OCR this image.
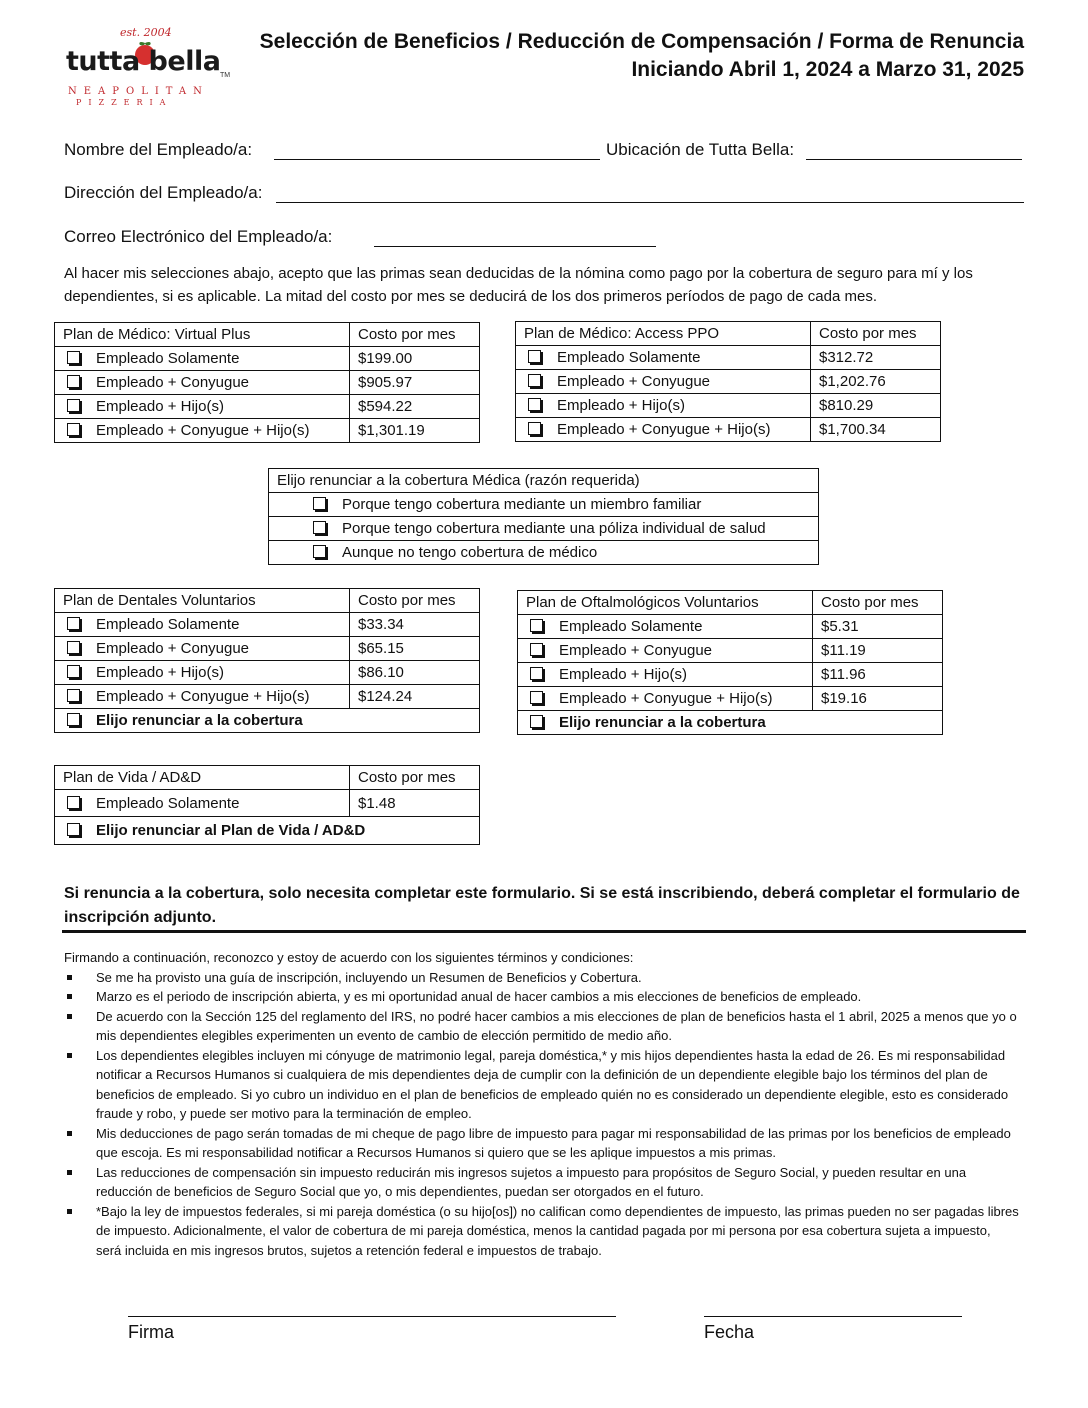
est. 2004
tutta bella TM
NEAPOLITAN
PIZZERIA
Selección de Beneficios / Reducción de Compensación / Forma de Renuncia
Iniciando Abril 1, 2024 a Marzo 31, 2025
Nombre del Empleado/a:	Ubicación de Tutta Bella:
Dirección del Empleado/a:
Correo Electrónico del Empleado/a:
Al hacer mis selecciones abajo, acepto que las primas sean deducidas de la nómina como pago por la cobertura de seguro para mí y los dependientes, si es aplicable. La mitad del costo por mes se deducirá de los dos primeros períodos de pago de cada mes.
Plan de Médico: Virtual Plus	Costo por mes
Empleado Solamente	$199.00
Empleado + Conyugue	$905.97
Empleado + Hijo(s)	$594.22
Empleado + Conyugue + Hijo(s)	$1,301.19
Plan de Médico: Access PPO	Costo por mes
Empleado Solamente	$312.72
Empleado + Conyugue	$1,202.76
Empleado + Hijo(s)	$810.29
Empleado + Conyugue + Hijo(s)	$1,700.34
Elijo renunciar a la cobertura Médica (razón requerida)
Porque tengo cobertura mediante un miembro familiar
Porque tengo cobertura mediante una póliza individual de salud
Aunque no tengo cobertura de médico
Plan de Dentales Voluntarios	Costo por mes
Empleado Solamente	$33.34
Empleado + Conyugue	$65.15
Empleado + Hijo(s)	$86.10
Empleado + Conyugue + Hijo(s)	$124.24
Elijo renunciar a la cobertura	
Plan de Oftalmológicos Voluntarios	Costo por mes
Empleado Solamente	$5.31
Empleado + Conyugue	$11.19
Empleado + Hijo(s)	$11.96
Empleado + Conyugue + Hijo(s)	$19.16
Elijo renunciar a la cobertura	
Plan de Vida / AD&D	Costo por mes
Empleado Solamente	$1.48
Elijo renunciar al Plan de Vida / AD&D	
Si renuncia a la cobertura, solo necesita completar este formulario. Si se está inscribiendo, deberá completar el formulario de inscripción adjunto.
Firmando a continuación, reconozco y estoy de acuerdo con los siguientes términos y condiciones:
Se me ha provisto una guía de inscripción, incluyendo un Resumen de Beneficios y Cobertura.
Marzo es el periodo de inscripción abierta, y es mi oportunidad anual de hacer cambios a mis elecciones de beneficios de empleado.
De acuerdo con la Sección 125 del reglamento del IRS, no podré hacer cambios a mis elecciones de plan de beneficios hasta el 1 abril, 2025 a menos que yo o mis dependientes elegibles experimenten un evento de cambio de elección permitido de medio año.
Los dependientes elegibles incluyen mi cónyuge de matrimonio legal, pareja doméstica,* y mis hijos dependientes hasta la edad de 26. Es mi responsabilidad notificar a Recursos Humanos si cualquiera de mis dependientes deja de cumplir con la definición de un dependiente elegible bajo los términos del plan de beneficios de empleado. Si yo cubro un individuo en el plan de beneficios de empleado quién no es considerado un dependiente elegible, esto es considerado fraude y robo, y puede ser motivo para la terminación de empleo.
Mis deducciones de pago serán tomadas de mi cheque de pago libre de impuesto para pagar mi responsabilidad de las primas por los beneficios de empleado que escoja. Es mi responsabilidad notificar a Recursos Humanos si quiero que se les aplique impuestos a mis primas.
Las reducciones de compensación sin impuesto reducirán mis ingresos sujetos a impuesto para propósitos de Seguro Social, y pueden resultar en una reducción de beneficios de Seguro Social que yo, o mis dependientes, puedan ser otorgados en el futuro.
*Bajo la ley de impuestos federales, si mi pareja doméstica (o su hijo[os]) no califican como dependientes de impuesto, las primas pueden no ser pagadas libres de impuesto. Adicionalmente, el valor de cobertura de mi pareja doméstica, menos la cantidad pagada por mi persona por esa cobertura sujeta a impuesto, será incluida en mis ingresos brutos, sujetos a retención federal e impuestos de trabajo.
Firma	Fecha
